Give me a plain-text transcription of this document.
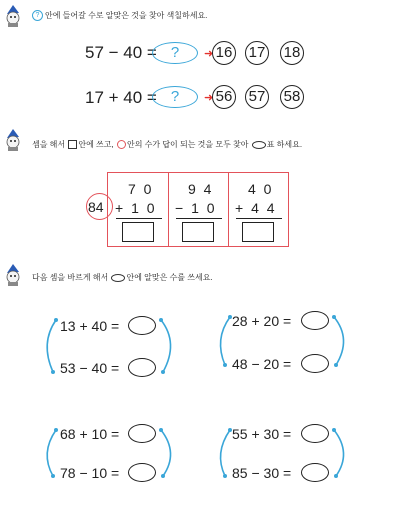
? 안에 들어갈 수로 알맞은 것을 찾아 색칠하세요.
57 − 40 = ?	➜ 16 17 18
17 + 40 = ?	➜ 56 57 58
셈을 해서 안에 쓰고, 안의 수가 답이 되는 것을 모두 찾아 표 하세요.
84
7 0
+ 1 0
9 4
− 1 0
4 0
+ 4 4
다음 셈을 바르게 해서 안에 알맞은 수를 쓰세요.
13 + 40 =
53 − 40 =
28 + 20 =
48 − 20 =
68 + 10 =
78 − 10 =
55 + 30 =
85 − 30 =
